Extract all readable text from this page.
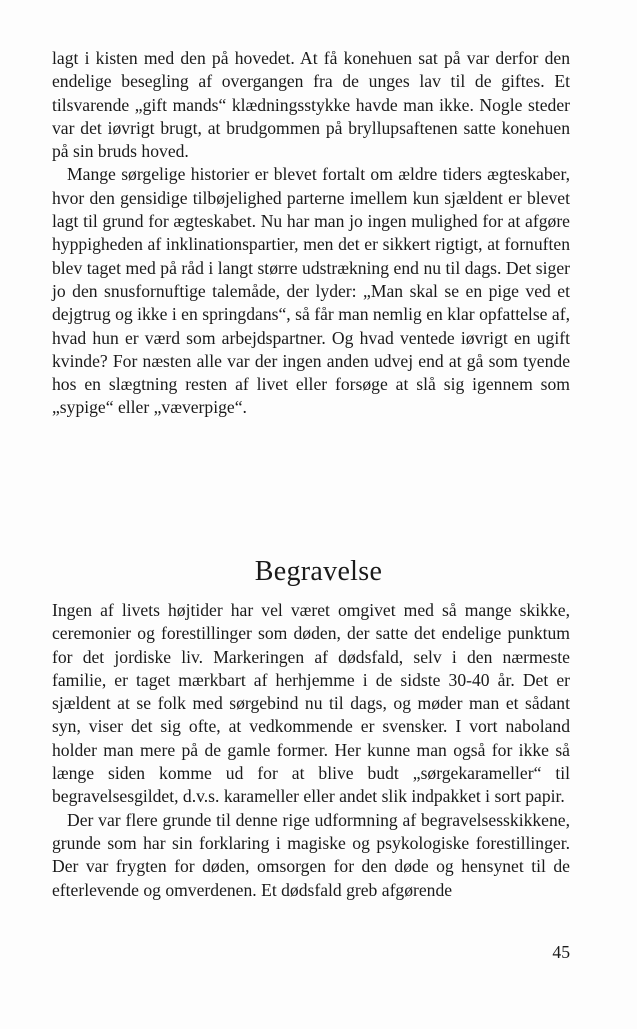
lagt i kisten med den på hovedet. At få konehuen sat på var derfor den endelige besegling af overgangen fra de unges lav til de giftes. Et tilsvarende „gift mands“ klædningsstykke havde man ikke. Nogle steder var det iøvrigt brugt, at brudgommen på bryllupsaftenen satte konehuen på sin bruds hoved.

Mange sørgelige historier er blevet fortalt om ældre tiders ægteskaber, hvor den gensidige tilbøjelighed parterne imellem kun sjældent er blevet lagt til grund for ægteskabet. Nu har man jo ingen mulighed for at afgøre hyppigheden af inklinationspartier, men det er sikkert rigtigt, at fornuften blev taget med på råd i langt større udstrækning end nu til dags. Det siger jo den snusfornuftige talemåde, der lyder: „Man skal se en pige ved et dejgtrug og ikke i en springdans“, så får man nemlig en klar opfattelse af, hvad hun er værd som arbejdspartner. Og hvad ventede iøvrigt en ugift kvinde? For næsten alle var der ingen anden udvej end at gå som tyende hos en slægtning resten af livet eller forsøge at slå sig igennem som „sypige“ eller „væverpige“.

Begravelse

Ingen af livets højtider har vel været omgivet med så mange skikke, ceremonier og forestillinger som døden, der satte det endelige punktum for det jordiske liv. Markeringen af dødsfald, selv i den nærmeste familie, er taget mærkbart af herhjemme i de sidste 30-40 år. Det er sjældent at se folk med sørgebind nu til dags, og møder man et sådant syn, viser det sig ofte, at vedkommende er svensker. I vort naboland holder man mere på de gamle former. Her kunne man også for ikke så længe siden komme ud for at blive budt „sørgekarameller“ til begravelsesgildet, d.v.s. karameller eller andet slik indpakket i sort papir.

Der var flere grunde til denne rige udformning af begravelsesskikkene, grunde som har sin forklaring i magiske og psykologiske forestillinger. Der var frygten for døden, omsorgen for den døde og hensynet til de efterlevende og omverdenen. Et dødsfald greb afgørende

45
